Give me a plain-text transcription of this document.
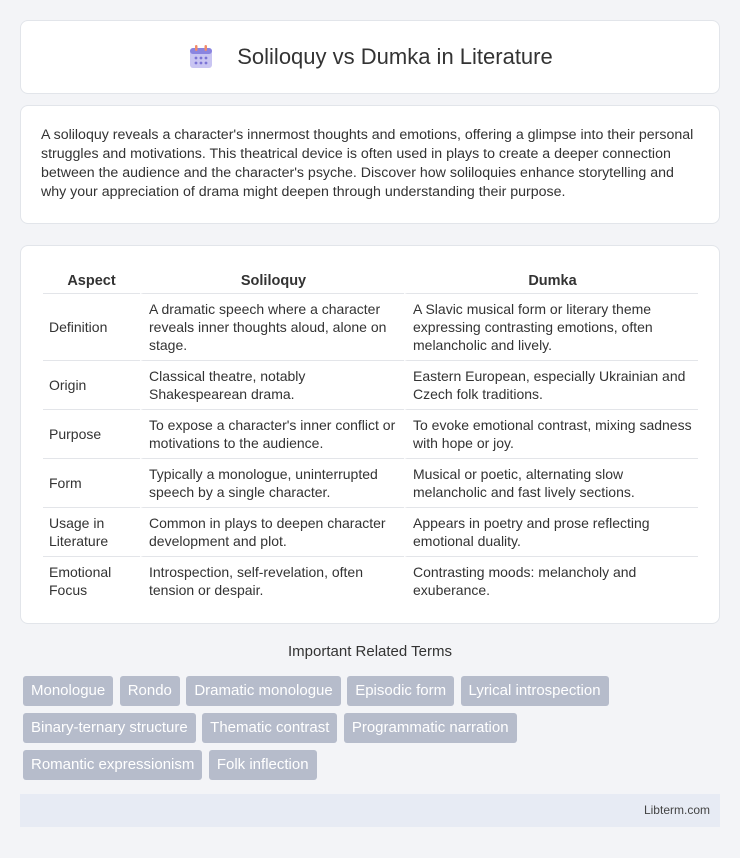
Soliloquy vs Dumka in Literature

A soliloquy reveals a character's innermost thoughts and emotions, offering a glimpse into their personal struggles and motivations. This theatrical device is often used in plays to create a deeper connection between the audience and the character's psyche. Discover how soliloquies enhance storytelling and why your appreciation of drama might deepen through understanding their purpose.

Aspect	Soliloquy	Dumka
Definition	A dramatic speech where a character reveals inner thoughts aloud, alone on stage.	A Slavic musical form or literary theme expressing contrasting emotions, often melancholic and lively.
Origin	Classical theatre, notably Shakespearean drama.	Eastern European, especially Ukrainian and Czech folk traditions.
Purpose	To expose a character's inner conflict or motivations to the audience.	To evoke emotional contrast, mixing sadness with hope or joy.
Form	Typically a monologue, uninterrupted speech by a single character.	Musical or poetic, alternating slow melancholic and fast lively sections.
Usage in Literature	Common in plays to deepen character development and plot.	Appears in poetry and prose reflecting emotional duality.
Emotional Focus	Introspection, self-revelation, often tension or despair.	Contrasting moods: melancholy and exuberance.
Important Related Terms
Monologue Rondo Dramatic monologue Episodic form Lyrical introspection
Binary-ternary structure Thematic contrast Programmatic narration
Romantic expressionism Folk inflection
Libterm.com
